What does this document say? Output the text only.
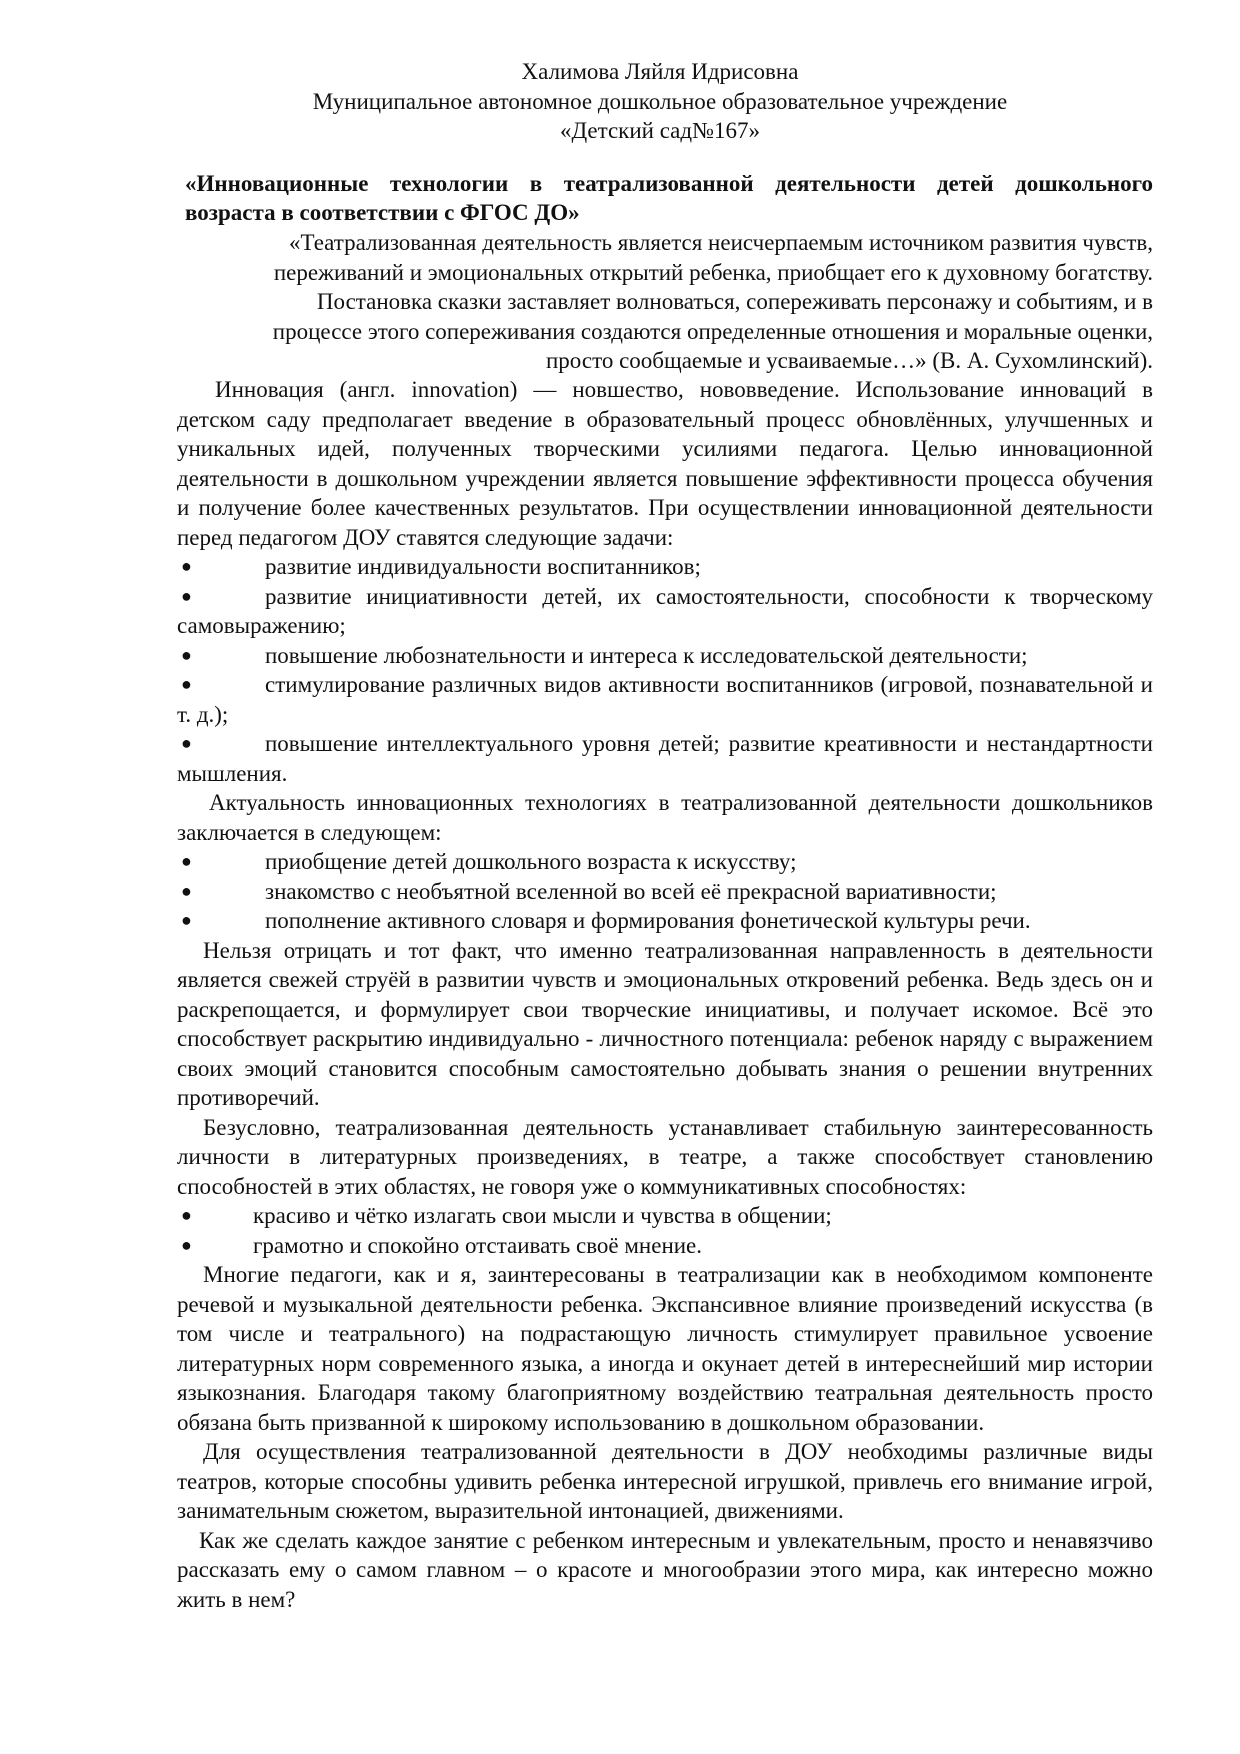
Халимова Ляйля Идрисовна
Муниципальное автономное дошкольное образовательное учреждение
«Детский сад№167»
«Инновационные технологии в театрализованной деятельности детей дошкольного возраста в соответствии с ФГОС ДО»
«Театрализованная деятельность является неисчерпаемым источником развития чувств,
переживаний и эмоциональных открытий ребенка, приобщает его к духовному богатству.
Постановка сказки заставляет волноваться, сопереживать персонажу и событиям, и в
процессе этого сопереживания создаются определенные отношения и моральные оценки,
просто сообщаемые и усваиваемые…» (В. А. Сухомлинский).

Инновация (англ. innovation) — новшество, нововведение. Использование инноваций в детском саду предполагает введение в образовательный процесс обновлённых, улучшенных и уникальных идей, полученных творческими усилиями педагога. Целью инновационной деятельности в дошкольном учреждении является повышение эффективности процесса обучения и получение более качественных результатов. При осуществлении инновационной деятельности перед педагогом ДОУ ставятся следующие задачи:

●	развитие индивидуальности воспитанников;
●	развитие инициативности детей, их самостоятельности, способности к творческому самовыражению;
●	повышение любознательности и интереса к исследовательской деятельности;
●	стимулирование различных видов активности воспитанников (игровой, познавательной и т. д.);
●	повышение интеллектуального уровня детей; развитие креативности и нестандартности мышления.

Актуальность инновационных технологиях в театрализованной деятельности дошкольников заключается в следующем:

●	приобщение детей дошкольного возраста к искусству;
●	знакомство с необъятной вселенной во всей её прекрасной вариативности;
●	пополнение активного словаря и формирования фонетической культуры речи.

Нельзя отрицать и тот факт, что именно театрализованная направленность в деятельности является свежей струёй в развитии чувств и эмоциональных откровений ребенка. Ведь здесь он и раскрепощается, и формулирует свои творческие инициативы, и получает искомое. Всё это способствует раскрытию индивидуально - личностного потенциала: ребенок наряду с выражением своих эмоций становится способным самостоятельно добывать знания о решении внутренних противоречий.

Безусловно, театрализованная деятельность устанавливает стабильную заинтересованность личности в литературных произведениях, в театре, а также способствует становлению способностей в этих областях, не говоря уже о коммуникативных способностях:

●	красиво и чётко излагать свои мысли и чувства в общении;
●	грамотно и спокойно отстаивать своё мнение.

Многие педагоги, как и я, заинтересованы в театрализации как в необходимом компоненте речевой и музыкальной деятельности ребенка. Экспансивное влияние произведений искусства (в том числе и театрального) на подрастающую личность стимулирует правильное усвоение литературных норм современного языка, а иногда и окунает детей в интереснейший мир истории языкознания. Благодаря такому благоприятному воздействию театральная деятельность просто обязана быть призванной к широкому использованию в дошкольном образовании.

Для осуществления театрализованной деятельности в ДОУ необходимы различные виды театров, которые способны удивить ребенка интересной игрушкой, привлечь его внимание игрой, занимательным сюжетом, выразительной интонацией, движениями.

Как же сделать каждое занятие с ребенком интересным и увлекательным, просто и ненавязчиво рассказать ему о самом главном – о красоте и многообразии этого мира, как интересно можно жить в нем?
